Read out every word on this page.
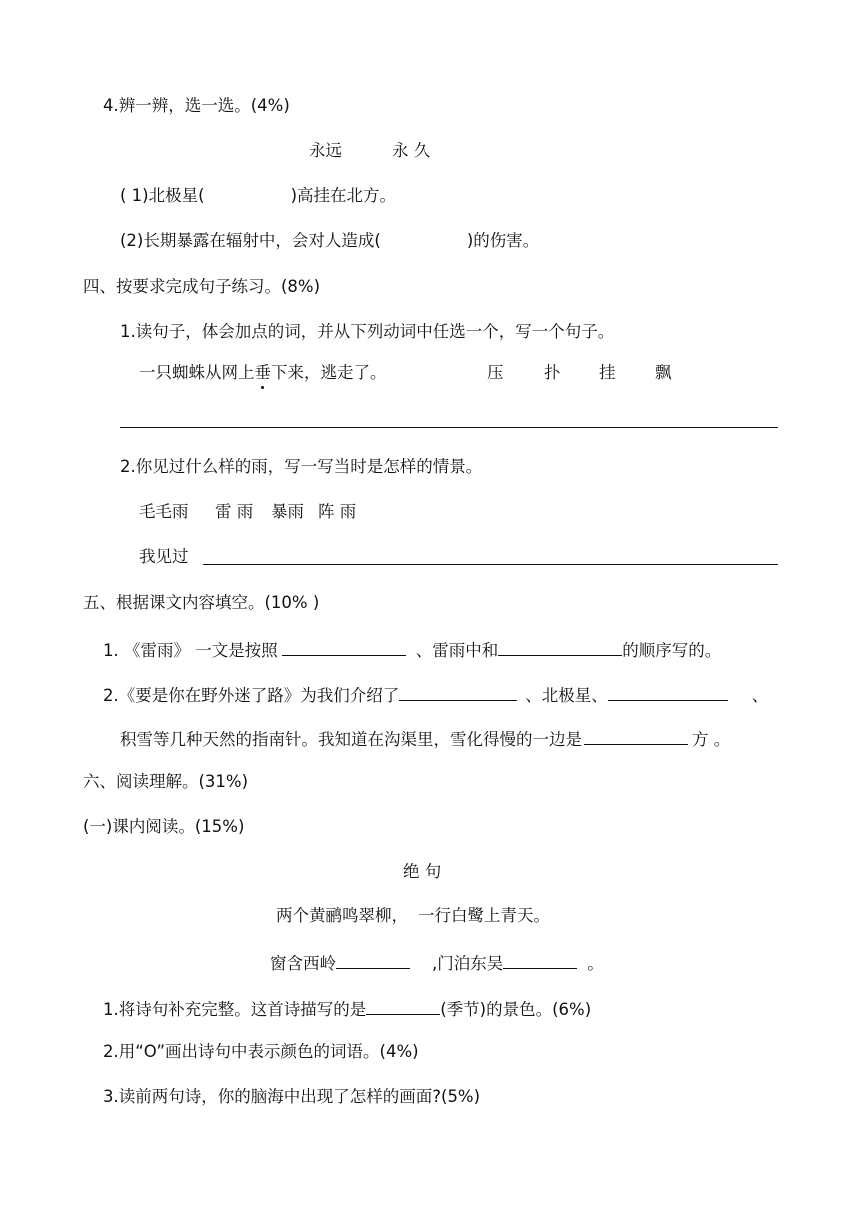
4.辨一辨，选一选。(4%)
永远	永 久
( 1)北极星(	)高挂在北方。
(2)长期暴露在辐射中，会对人造成(	)的伤害。
四、按要求完成句子练习。(8%)
1.读句子，体会加点的词，并从下列动词中任选一个，写一个句子。
一只蜘蛛从网上垂下来，逃走了。	压 扑 挂 飘
2.你见过什么样的雨，写一写当时是怎样的情景。
毛毛雨 雷 雨 暴雨 阵 雨
我见过
五、根据课文内容填空。(10% )
1. 《雷雨》 一文是按照	、雷雨中和	的顺序写的。
2.《要是你在野外迷了路》为我们介绍了	、北极星、	、
积雪等几种天然的指南针。我知道在沟渠里，雪化得慢的一边是	方 。
六、阅读理解。(31%)
(一)课内阅读。(15%)
绝 句
两个黄鹂鸣翠柳， 一行白鹭上青天。
窗含西岭	,门泊东吴	。
1.将诗句补充完整。这首诗描写的是	(季节)的景色。(6%)
2.用“O”画出诗句中表示颜色的词语。(4%)
3.读前两句诗，你的脑海中出现了怎样的画面?(5%)
